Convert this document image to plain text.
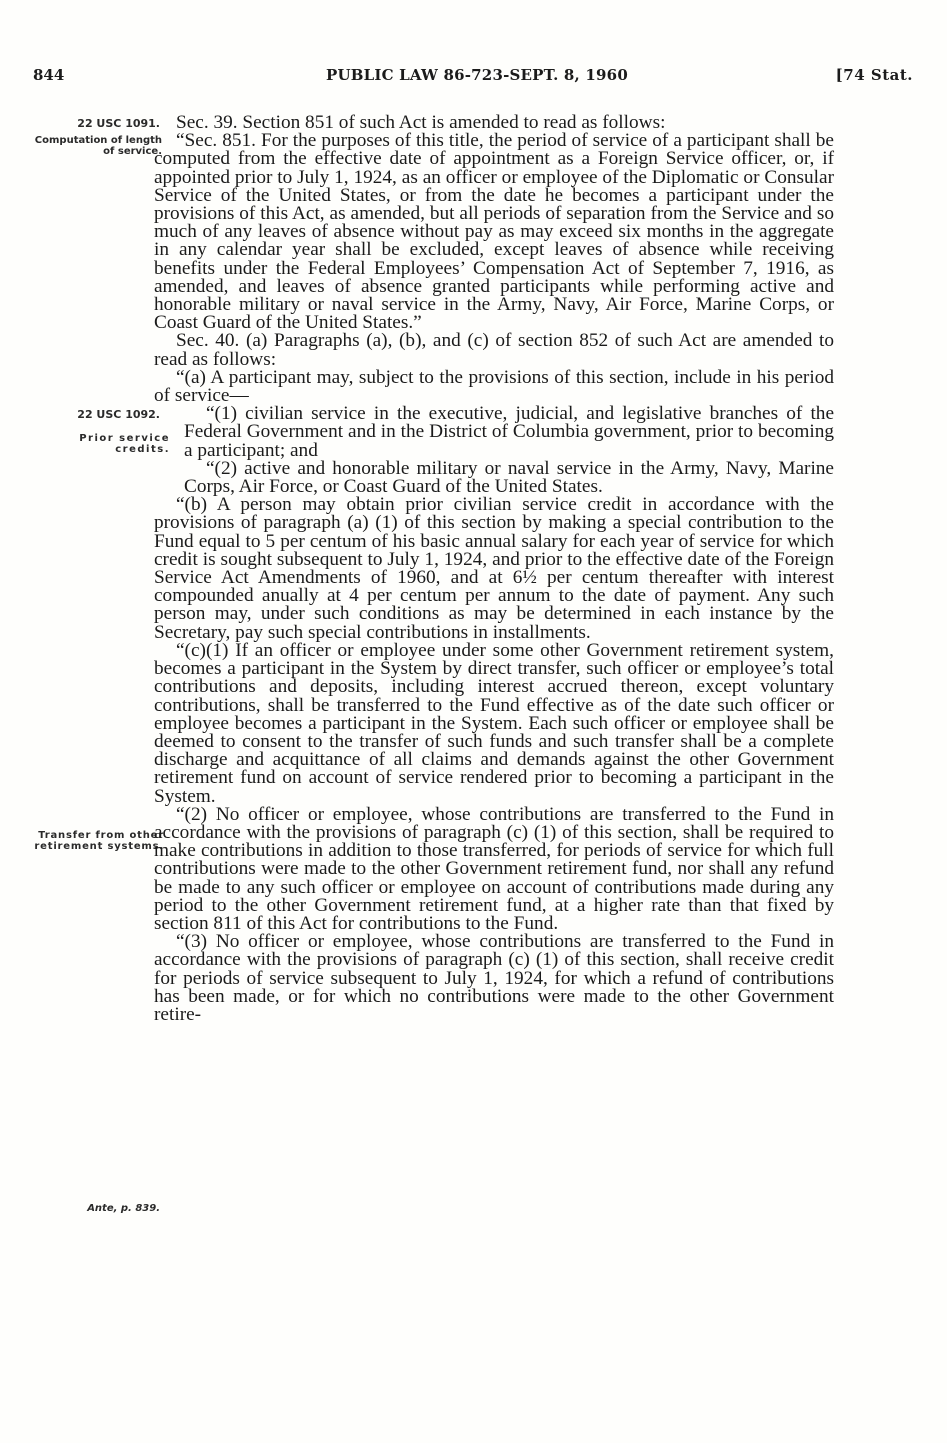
844	PUBLIC LAW 86-723-SEPT. 8, 1960	[74 Stat.
22 USC 1091.
Computation of length of service.
22 USC 1092.
Prior service credits.
Transfer from other retirement systems.
Ante, p. 839.

Sec. 39. Section 851 of such Act is amended to read as follows:

“Sec. 851. For the purposes of this title, the period of service of a participant shall be computed from the effective date of appointment as a Foreign Service officer, or, if appointed prior to July 1, 1924, as an officer or employee of the Diplomatic or Consular Service of the United States, or from the date he becomes a participant under the provisions of this Act, as amended, but all periods of separation from the Service and so much of any leaves of absence without pay as may exceed six months in the aggregate in any calendar year shall be excluded, except leaves of absence while receiving benefits under the Federal Employees’ Compensation Act of September 7, 1916, as amended, and leaves of absence granted participants while performing active and honorable military or naval service in the Army, Navy, Air Force, Marine Corps, or Coast Guard of the United States.”

Sec. 40. (a) Paragraphs (a), (b), and (c) of section 852 of such Act are amended to read as follows:

“(a) A participant may, subject to the provisions of this section, include in his period of service—

“(1) civilian service in the executive, judicial, and legislative branches of the Federal Government and in the District of Columbia government, prior to becoming a participant; and

“(2) active and honorable military or naval service in the Army, Navy, Marine Corps, Air Force, or Coast Guard of the United States.

“(b) A person may obtain prior civilian service credit in accordance with the provisions of paragraph (a) (1) of this section by making a special contribution to the Fund equal to 5 per centum of his basic annual salary for each year of service for which credit is sought subsequent to July 1, 1924, and prior to the effective date of the Foreign Service Act Amendments of 1960, and at 6½ per centum thereafter with interest compounded anually at 4 per centum per annum to the date of payment. Any such person may, under such conditions as may be determined in each instance by the Secretary, pay such special contributions in installments.

“(c)(1) If an officer or employee under some other Government retirement system, becomes a participant in the System by direct transfer, such officer or employee’s total contributions and deposits, including interest accrued thereon, except voluntary contributions, shall be transferred to the Fund effective as of the date such officer or employee becomes a participant in the System. Each such officer or employee shall be deemed to consent to the transfer of such funds and such transfer shall be a complete discharge and acquittance of all claims and demands against the other Government retirement fund on account of service rendered prior to becoming a participant in the System.

“(2) No officer or employee, whose contributions are transferred to the Fund in accordance with the provisions of paragraph (c) (1) of this section, shall be required to make contributions in addition to those transferred, for periods of service for which full contributions were made to the other Government retirement fund, nor shall any refund be made to any such officer or employee on account of contributions made during any period to the other Government retirement fund, at a higher rate than that fixed by section 811 of this Act for contributions to the Fund.

“(3) No officer or employee, whose contributions are transferred to the Fund in accordance with the provisions of paragraph (c) (1) of this section, shall receive credit for periods of service subsequent to July 1, 1924, for which a refund of contributions has been made, or for which no contributions were made to the other Government retire-
